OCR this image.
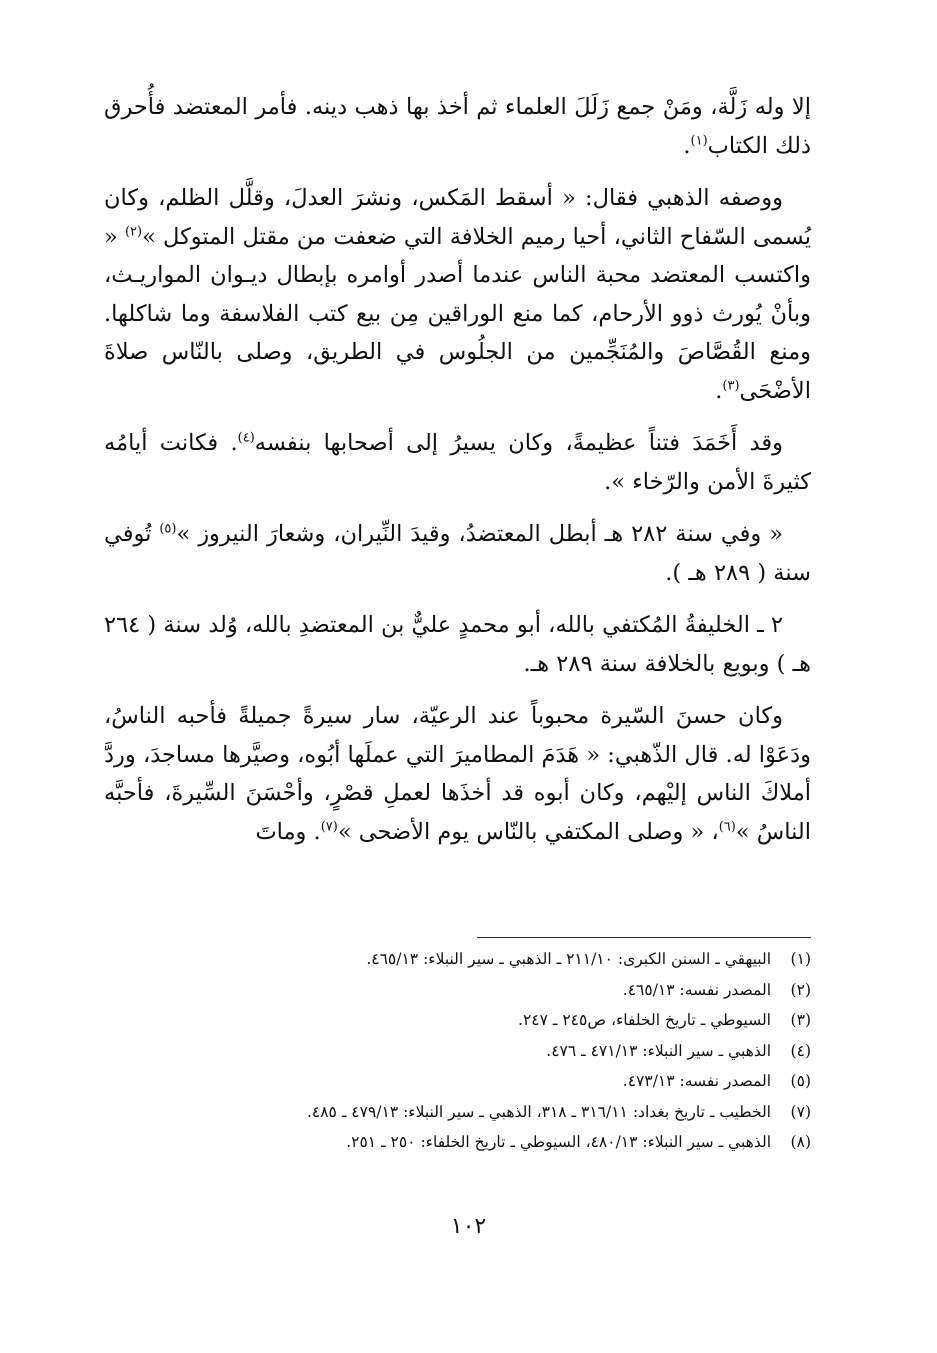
إلا وله زَلَّة، ومَنْ جمع زَلَلَ العلماء ثم أخذ بها ذهب دينه. فأمر المعتضد فأُحرق ذلك الكتاب$^{(١)}$.

ووصفه الذهبي فقال: « أسقط المَكس، ونشرَ العدلَ، وقلَّل الظلم، وكان يُسمى السّفاح الثاني، أحيا رميم الخلافة التي ضعفت من مقتل المتوكل »$^{(٢)}$ « واكتسب المعتضد محبة الناس عندما أصدر أوامره بإبطال ديـوان المواريـث، وبأنْ يُورث ذوو الأرحام، كما منع الوراقين مِن بيع كتب الفلاسفة وما شاكلها. ومنع القُصَّاصَ والمُنَجِّمين من الجلُوس في الطريق، وصلى بالنّاس صلاةَ الأضْحَى$^{(٣)}$.

وقد أَخَمَدَ فتناً عظيمةً، وكان يسيرُ إلى أصحابها بنفسه$^{(٤)}$. فكانت أيامُه كثيرةَ الأمن والرّخاء ».

« وفي سنة ٢٨٢ هـ أبطل المعتضدُ، وقيدَ النِّيران، وشعارَ النيروز »$^{(٥)}$ تُوفي سنة ( ٢٨٩ هـ ).

٢ ـ الخليفةُ المُكتفي بالله، أبو محمدٍ عليٌّ بن المعتضدِ بالله، وُلد سنة ( ٢٦٤ هـ ) وبويع بالخلافة سنة ٢٨٩ هـ.

وكان حسنَ السّيرة محبوباً عند الرعيّة، سار سيرةً جميلةً فأحبه الناسُ، ودَعَوْا له. قال الذّهبي: « هَدَمَ المطاميرَ التي عملَها أبُوه، وصيَّرها مساجدَ، وردَّ أملاكَ الناس إليْهم، وكان أبوه قد أخذَها لعملِ قصْرٍ، وأحْسَنَ السِّيرةَ، فأحبَّه الناسُ »$^{(٦)}$، « وصلى المكتفي بالنّاس يوم الأضحى »$^{(٧)}$. وماتَ

(١)البيهقي ـ السنن الكبرى: ٢١١/١٠ ـ الذهبي ـ سير النبلاء: ٤٦٥/١٣.
(٢)المصدر نفسه: ٤٦٥/١٣.
(٣)السيوطي ـ تاريخ الخلفاء، ص٢٤٥ ـ ٢٤٧.
(٤)الذهبي ـ سير النبلاء: ٤٧١/١٣ ـ ٤٧٦.
(٥)المصدر نفسه: ٤٧٣/١٣.
(٧)الخطيب ـ تاريخ بغداد: ٣١٦/١١ ـ ٣١٨، الذهبي ـ سير النبلاء: ٤٧٩/١٣ ـ ٤٨٥.
(٨)الذهبي ـ سير النبلاء: ٤٨٠/١٣، السيوطي ـ تاريخ الخلفاء: ٢٥٠ ـ ٢٥١.
١٠٢
